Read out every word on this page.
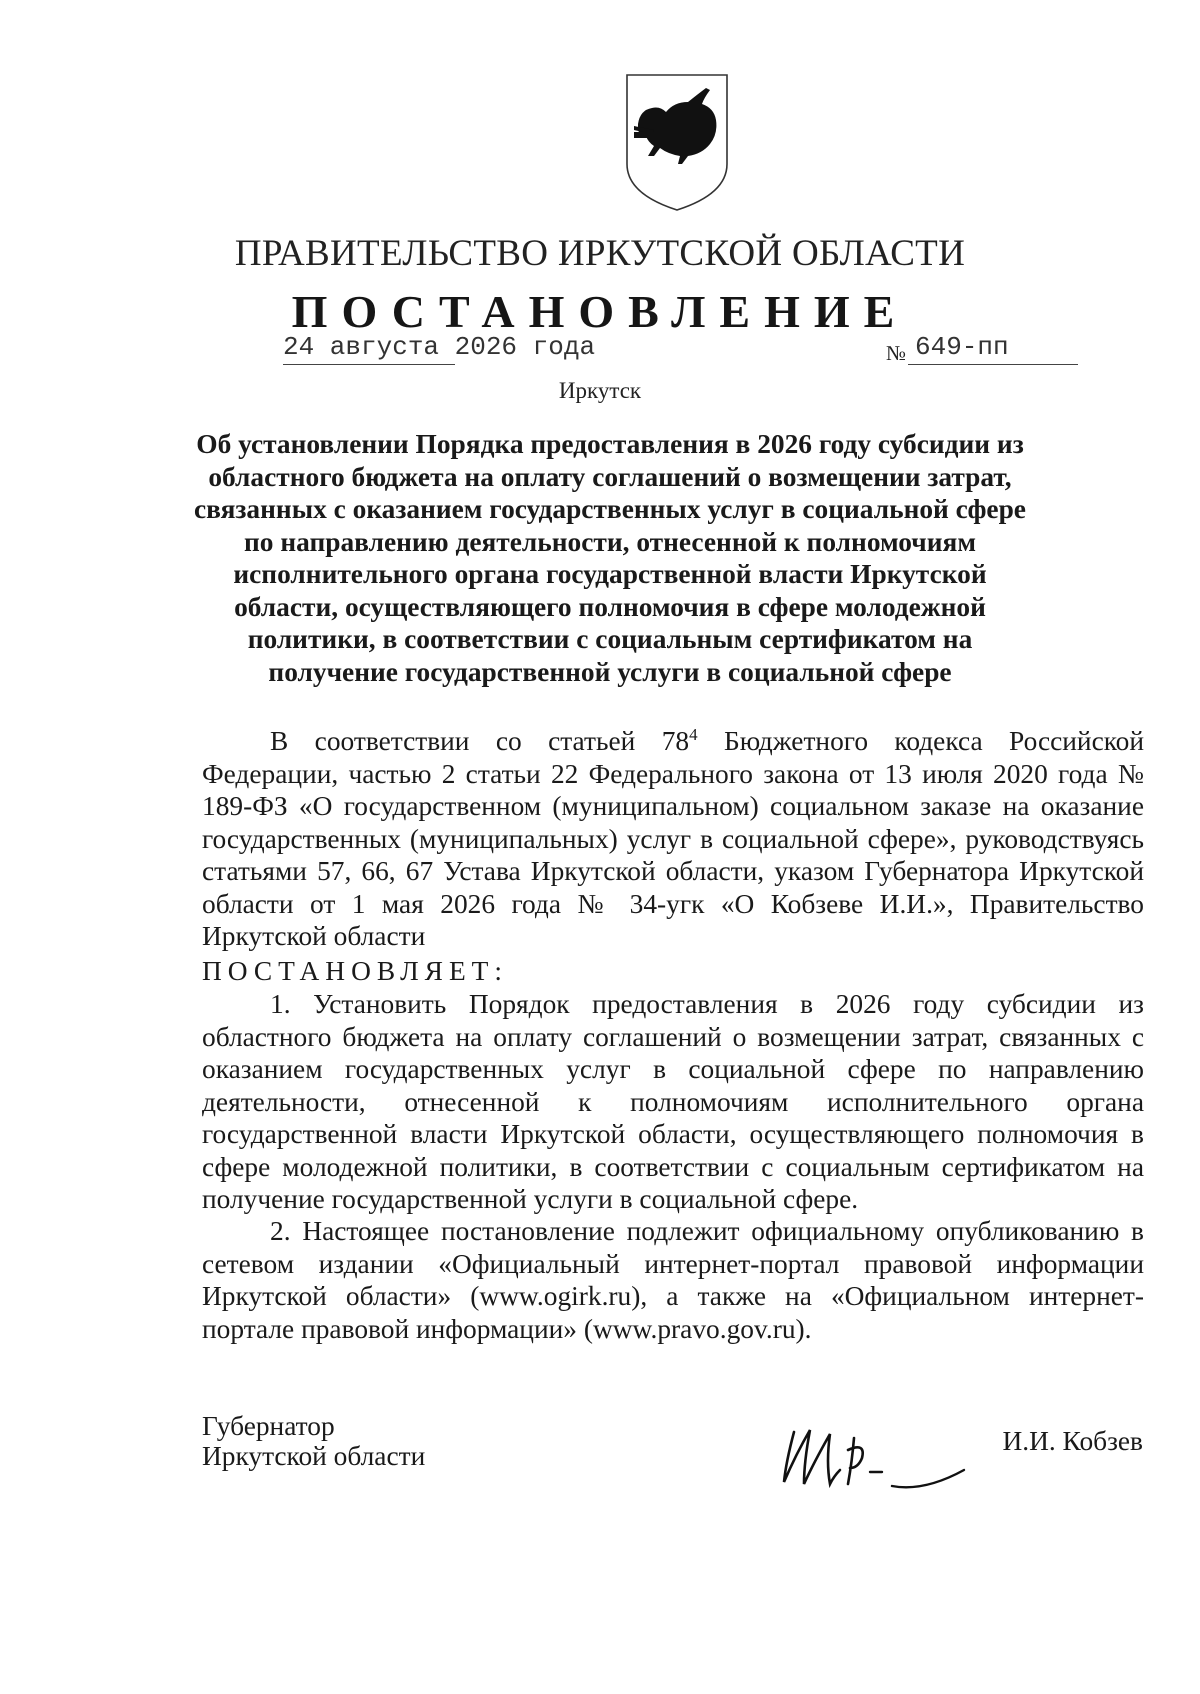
ПРАВИТЕЛЬСТВО ИРКУТСКОЙ ОБЛАСТИ
ПОСТАНОВЛЕНИЕ
24 августа 2026 года	№ 649-пп
Иркутск
Об установлении Порядка предоставления в 2026 году субсидии из областного бюджета на оплату соглашений о возмещении затрат, связанных с оказанием государственных услуг в социальной сфере по направлению деятельности, отнесенной к полномочиям исполнительного органа государственной власти Иркутской области, осуществляющего полномочия в сфере молодежной политики, в соответствии с социальным сертификатом на получение государственной услуги в социальной сфере
В соответствии со статьей $78^4$ Бюджетного кодекса Российской Федерации, частью 2 статьи 22 Федерального закона от 13 июля 2020 года № 189-ФЗ «О государственном (муниципальном) социальном заказе на оказание государственных (муниципальных) услуг в социальной сфере», руководствуясь статьями 57, 66, 67 Устава Иркутской области, указом Губернатора Иркутской области от 1 мая 2026 года № 34-угк «О Кобзеве И.И.», Правительство Иркутской области
ПОСТАНОВЛЯЕТ:
1. Установить Порядок предоставления в 2026 году субсидии из областного бюджета на оплату соглашений о возмещении затрат, связанных с оказанием государственных услуг в социальной сфере по направлению деятельности, отнесенной к полномочиям исполнительного органа государственной власти Иркутской области, осуществляющего полномочия в сфере молодежной политики, в соответствии с социальным сертификатом на получение государственной услуги в социальной сфере.
2. Настоящее постановление подлежит официальному опубликованию в сетевом издании «Официальный интернет-портал правовой информации Иркутской области» (www.ogirk.ru), а также на «Официальном интернет-портале правовой информации» (www.pravo.gov.ru).
Губернатор
Иркутской области	И.И. Кобзев
